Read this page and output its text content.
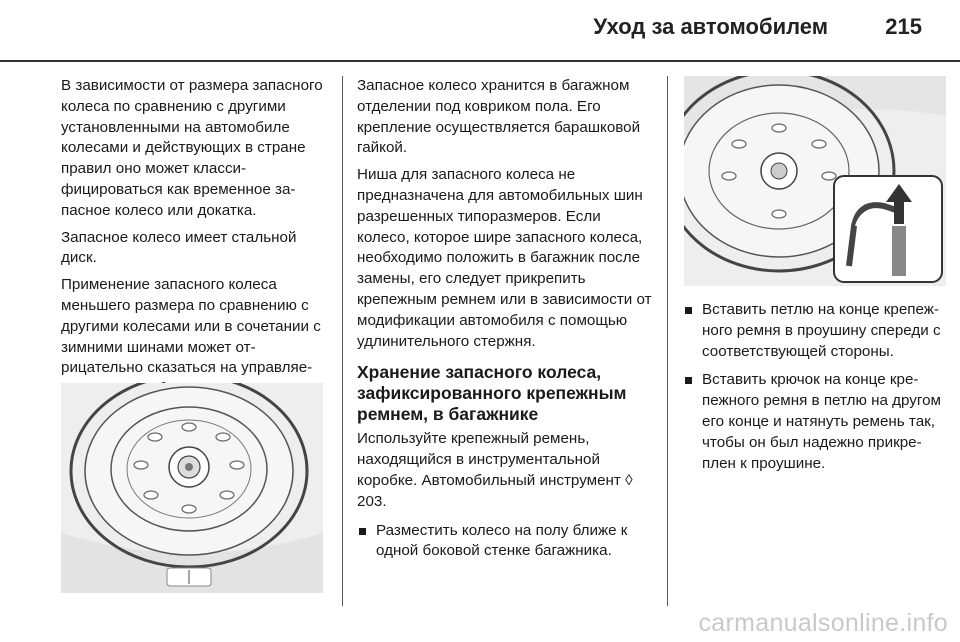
Уход за автомобилем	215

В зависимости от размера запасного колеса по сравнению с другими установленными на автомобиле колесами и действующих в стране правил оно может классифицироваться как временное запасное колесо или докатка.

Запасное колесо имеет стальной диск.

Применение запасного колеса меньшего размера по сравнению с другими колесами или в сочетании с зимними шинами может отрицательно сказаться на управляе

Запасное колесо хранится в багажном отделении под ковриком пола. Его крепление осуществляется барашковой гайкой.

Ниша для запасного колеса не предназначена для автомобильных шин разрешенных типоразмеров. Если колесо, которое шире запасного колеса, необходимо положить в багажник после замены, его следует прикрепить крепежным ремнем или в зависимости от модификации автомобиля с помощью удлинительного стержня.

Хранение запасного колеса, зафиксированного крепежным ремнем, в багажнике

Используйте крепежный ремень, находящийся в инструментальной коробке. Автомобильный инструмент ◊ 203.

Разместить колесо на полу ближе к одной боковой стенке багажника.
Вставить петлю на конце крепежного ремня в проушину спереди с соответствующей стороны.
Вставить крючок на конце крепежного ремня в петлю на другом его конце и натянуть ремень так, чтобы он был надежно прикреплен к проушине.
carmanualsonline.info
